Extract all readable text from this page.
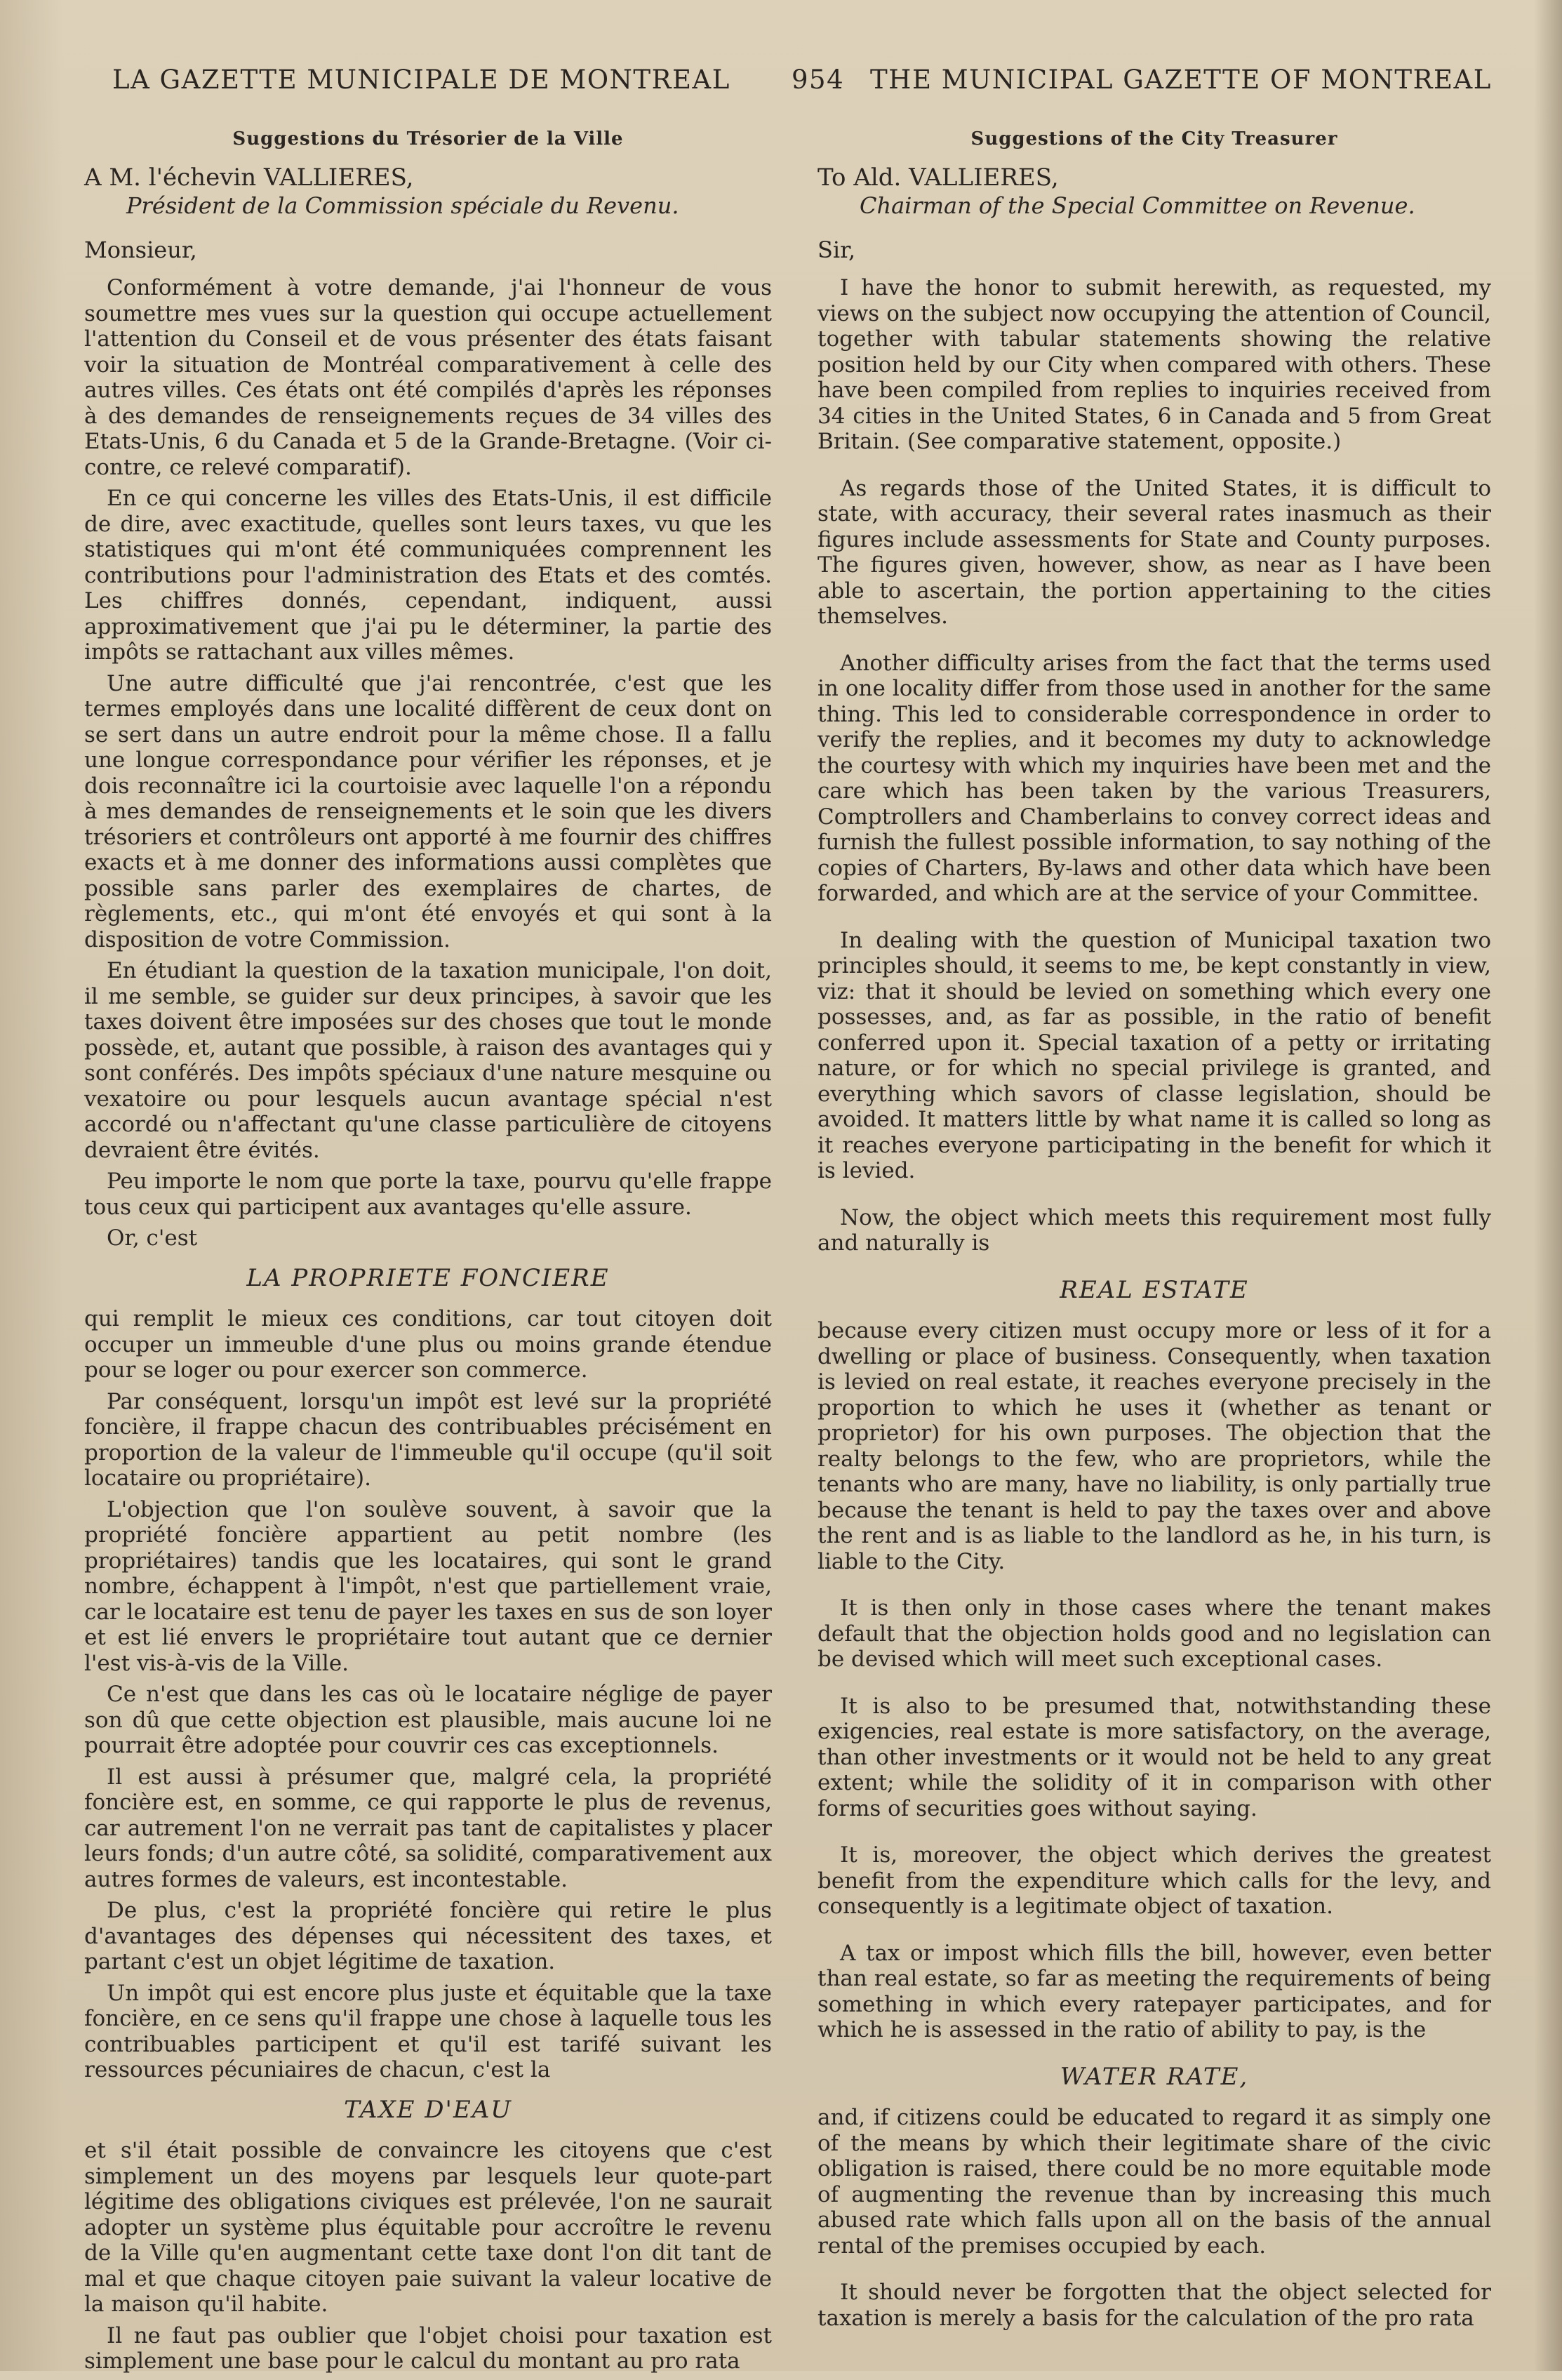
LA GAZETTE MUNICIPALE DE MONTREAL 954 THE MUNICIPAL GAZETTE OF MONTREAL
Suggestions du Trésorier de la Ville
A M. l'échevin VALLIERES,
Président de la Commission spéciale du Revenu.
Monsieur,

Conformément à votre demande, j'ai l'honneur de vous soumettre mes vues sur la question qui occupe actuellement l'attention du Conseil et de vous présenter des états faisant voir la situation de Montréal comparativement à celle des autres villes. Ces états ont été compilés d'après les réponses à des demandes de renseignements reçues de 34 villes des Etats-Unis, 6 du Canada et 5 de la Grande-Bretagne. (Voir ci-contre, ce relevé comparatif).

En ce qui concerne les villes des Etats-Unis, il est difficile de dire, avec exactitude, quelles sont leurs taxes, vu que les statistiques qui m'ont été communiquées comprennent les contributions pour l'administration des Etats et des comtés. Les chiffres donnés, cependant, indiquent, aussi approximativement que j'ai pu le déterminer, la partie des impôts se rattachant aux villes mêmes.

Une autre difficulté que j'ai rencontrée, c'est que les termes employés dans une localité diffèrent de ceux dont on se sert dans un autre endroit pour la même chose. Il a fallu une longue correspondance pour vérifier les réponses, et je dois reconnaître ici la courtoisie avec laquelle l'on a répondu à mes demandes de renseignements et le soin que les divers trésoriers et contrôleurs ont apporté à me fournir des chiffres exacts et à me donner des informations aussi complètes que possible sans parler des exemplaires de chartes, de règlements, etc., qui m'ont été envoyés et qui sont à la disposition de votre Commission.

En étudiant la question de la taxation municipale, l'on doit, il me semble, se guider sur deux principes, à savoir que les taxes doivent être imposées sur des choses que tout le monde possède, et, autant que possible, à raison des avantages qui y sont conférés. Des impôts spéciaux d'une nature mesquine ou vexatoire ou pour lesquels aucun avantage spécial n'est accordé ou n'affectant qu'une classe particulière de citoyens devraient être évités.

Peu importe le nom que porte la taxe, pourvu qu'elle frappe tous ceux qui participent aux avantages qu'elle assure.

Or, c'est

LA PROPRIETE FONCIERE

qui remplit le mieux ces conditions, car tout citoyen doit occuper un immeuble d'une plus ou moins grande étendue pour se loger ou pour exercer son commerce.

Par conséquent, lorsqu'un impôt est levé sur la propriété foncière, il frappe chacun des contribuables précisément en proportion de la valeur de l'immeuble qu'il occupe (qu'il soit locataire ou propriétaire).

L'objection que l'on soulève souvent, à savoir que la propriété foncière appartient au petit nombre (les propriétaires) tandis que les locataires, qui sont le grand nombre, échappent à l'impôt, n'est que partiellement vraie, car le locataire est tenu de payer les taxes en sus de son loyer et est lié envers le propriétaire tout autant que ce dernier l'est vis-à-vis de la Ville.

Ce n'est que dans les cas où le locataire néglige de payer son dû que cette objection est plausible, mais aucune loi ne pourrait être adoptée pour couvrir ces cas exceptionnels.

Il est aussi à présumer que, malgré cela, la propriété foncière est, en somme, ce qui rapporte le plus de revenus, car autrement l'on ne verrait pas tant de capitalistes y placer leurs fonds; d'un autre côté, sa solidité, comparativement aux autres formes de valeurs, est incontestable.

De plus, c'est la propriété foncière qui retire le plus d'avantages des dépenses qui nécessitent des taxes, et partant c'est un objet légitime de taxation.

Un impôt qui est encore plus juste et équitable que la taxe foncière, en ce sens qu'il frappe une chose à laquelle tous les contribuables participent et qu'il est tarifé suivant les ressources pécuniaires de chacun, c'est la

TAXE D'EAU

et s'il était possible de convaincre les citoyens que c'est simplement un des moyens par lesquels leur quote-part légitime des obligations civiques est prélevée, l'on ne saurait adopter un système plus équitable pour accroître le revenu de la Ville qu'en augmentant cette taxe dont l'on dit tant de mal et que chaque citoyen paie suivant la valeur locative de la maison qu'il habite.

Il ne faut pas oublier que l'objet choisi pour taxation est simplement une base pour le calcul du montant au pro rata

Suggestions of the City Treasurer
To Ald. VALLIERES,
Chairman of the Special Committee on Revenue.
Sir,

I have the honor to submit herewith, as requested, my views on the subject now occupying the attention of Council, together with tabular statements showing the relative position held by our City when compared with others. These have been compiled from replies to inquiries received from 34 cities in the United States, 6 in Canada and 5 from Great Britain. (See comparative statement, opposite.)

As regards those of the United States, it is difficult to state, with accuracy, their several rates inasmuch as their figures include assessments for State and County purposes. The figures given, however, show, as near as I have been able to ascertain, the portion appertaining to the cities themselves.

Another difficulty arises from the fact that the terms used in one locality differ from those used in another for the same thing. This led to considerable correspondence in order to verify the replies, and it becomes my duty to acknowledge the courtesy with which my inquiries have been met and the care which has been taken by the various Treasurers, Comptrollers and Chamberlains to convey correct ideas and furnish the fullest possible information, to say nothing of the copies of Charters, By-laws and other data which have been forwarded, and which are at the service of your Committee.

In dealing with the question of Municipal taxation two principles should, it seems to me, be kept constantly in view, viz: that it should be levied on something which every one possesses, and, as far as possible, in the ratio of benefit conferred upon it. Special taxation of a petty or irritating nature, or for which no special privilege is granted, and everything which savors of classe legislation, should be avoided. It matters little by what name it is called so long as it reaches everyone participating in the benefit for which it is levied.

Now, the object which meets this requirement most fully and naturally is

REAL ESTATE

because every citizen must occupy more or less of it for a dwelling or place of business. Consequently, when taxation is levied on real estate, it reaches everyone precisely in the proportion to which he uses it (whether as tenant or proprietor) for his own purposes. The objection that the realty belongs to the few, who are proprietors, while the tenants who are many, have no liability, is only partially true because the tenant is held to pay the taxes over and above the rent and is as liable to the landlord as he, in his turn, is liable to the City.

It is then only in those cases where the tenant makes default that the objection holds good and no legislation can be devised which will meet such exceptional cases.

It is also to be presumed that, notwithstanding these exigencies, real estate is more satisfactory, on the average, than other investments or it would not be held to any great extent; while the solidity of it in comparison with other forms of securities goes without saying.

It is, moreover, the object which derives the greatest benefit from the expenditure which calls for the levy, and consequently is a legitimate object of taxation.

A tax or impost which fills the bill, however, even better than real estate, so far as meeting the requirements of being something in which every ratepayer participates, and for which he is assessed in the ratio of ability to pay, is the

WATER RATE,

and, if citizens could be educated to regard it as simply one of the means by which their legitimate share of the civic obligation is raised, there could be no more equitable mode of augmenting the revenue than by increasing this much abused rate which falls upon all on the basis of the annual rental of the premises occupied by each.

It should never be forgotten that the object selected for taxation is merely a basis for the calculation of the pro rata
